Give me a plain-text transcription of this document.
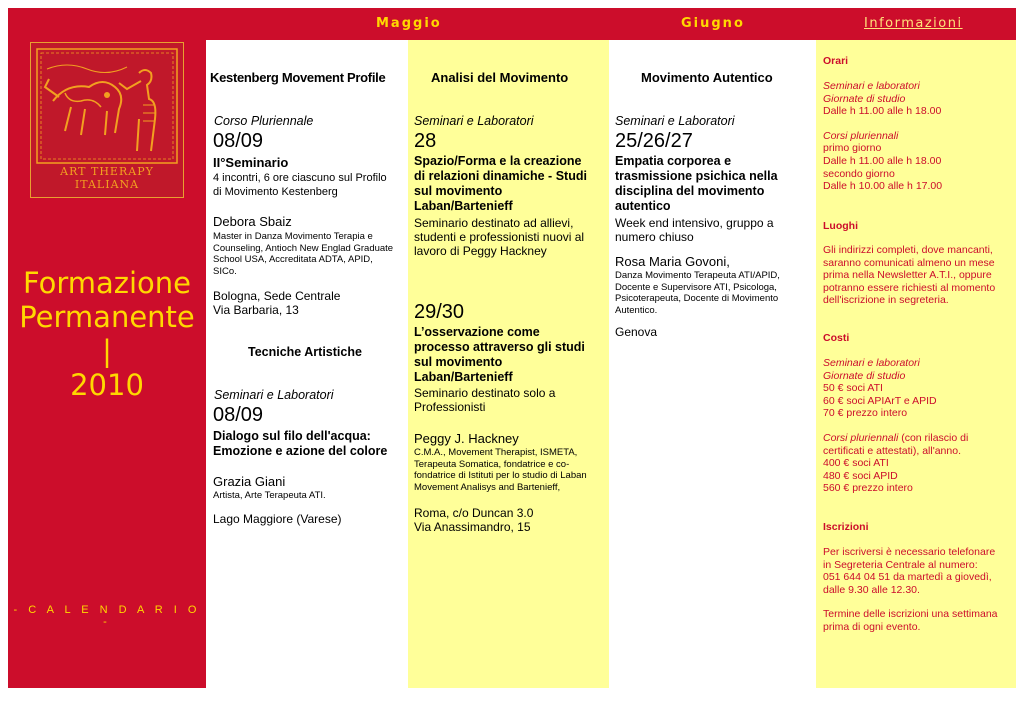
Maggio	Giugno	Informazioni
ART THERAPY ITALIANA
Formazione
Permanente
|
2010
- C A L E N D A R I O -
Kestenberg Movement Profile
Corso Pluriennale
08/09
II°Seminario
4 incontri, 6 ore ciascuno sul Profilo
di Movimento Kestenberg
Debora Sbaiz
Master in Danza Movimento Terapia e
Counseling, Antioch New Englad Graduate
School USA, Accreditata ADTA, APID,
SICo.
Bologna, Sede Centrale
Via Barbaria, 13
Tecniche Artistiche
Seminari e Laboratori
08/09
Dialogo sul filo dell'acqua:
Emozione e azione del colore
Grazia Giani
Artista, Arte Terapeuta ATI.
Lago Maggiore (Varese)
Analisi del Movimento
Seminari e Laboratori
28
Spazio/Forma e la creazione
di relazioni dinamiche - Studi
sul movimento
Laban/Bartenieff
Seminario destinato ad allievi,
studenti e professionisti nuovi al
lavoro di Peggy Hackney
29/30
L’osservazione come
processo attraverso gli studi
sul movimento
Laban/Bartenieff
Seminario destinato solo a
Professionisti
Peggy J. Hackney
C.M.A., Movement Therapist, ISMETA,
Terapeuta Somatica, fondatrice e co-
fondatrice di Istituti per lo studio di Laban
Movement Analisys and Bartenieff,
Roma, c/o Duncan 3.0
Via Anassimandro, 15
Movimento Autentico
Seminari e Laboratori
25/26/27
Empatia corporea e
trasmissione psichica nella
disciplina del movimento
autentico
Week end intensivo, gruppo a
numero chiuso
Rosa Maria Govoni,
Danza Movimento Terapeuta ATI/APID,
Docente e Supervisore ATI, Psicologa,
Psicoterapeuta, Docente di Movimento
Autentico.
Genova
Orari
Seminari e laboratori
Giornate di studio
Dalle h 11.00 alle h 18.00
Corsi pluriennali
primo giorno
Dalle h 11.00 alle h 18.00
secondo giorno
Dalle h 10.00 alle h 17.00
Luoghi
Gli indirizzi completi, dove mancanti,
saranno comunicati almeno un mese
prima nella Newsletter A.T.I., oppure
potranno essere richiesti al momento
dell'iscrizione in segreteria.
Costi
Seminari e laboratori
Giornate di studio
50 € soci ATI
60 € soci APIArT e APID
70 € prezzo intero
Corsi pluriennali (con rilascio di
certificati e attestati), all'anno.
400 € soci ATI
480 € soci APID
560 € prezzo intero
Iscrizioni
Per iscriversi è necessario telefonare
in Segreteria Centrale al numero:
051 644 04 51 da martedì a giovedì,
dalle 9.30 alle 12.30.
Termine delle iscrizioni una settimana
prima di ogni evento.
